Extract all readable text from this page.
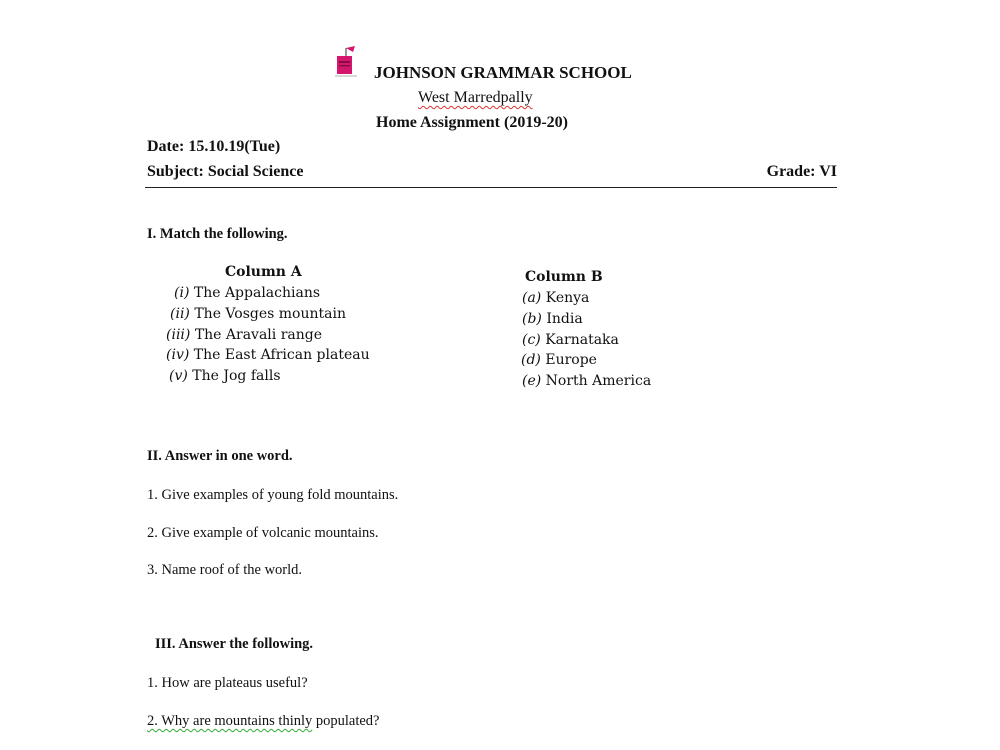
JOHNSON GRAMMAR SCHOOL
West Marredpally
Home Assignment (2019-20)
Date: 15.10.19(Tue)
Subject: Social Science	Grade: VI
I. Match the following.
Column A	Column B
(i) The Appalachians
(ii) The Vosges mountain
(iii) The Aravali range
(iv) The East African plateau
(v) The Jog falls
(a) Kenya
(b) India
(c) Karnataka
(d) Europe
(e) North America
II. Answer in one word.
1. Give examples of young fold mountains.
2. Give example of volcanic mountains.
3. Name roof of the world.
III. Answer the following.
1. How are plateaus useful?
2. Why are mountains thinly populated?
